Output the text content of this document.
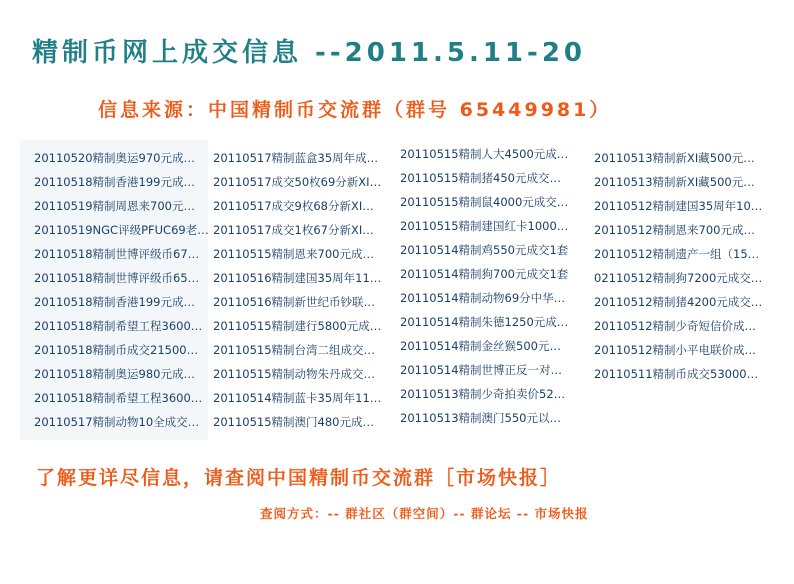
精制币网上成交信息 --2011.5.11-20
信息来源：中国精制币交流群（群号 65449981）
20110520精制奥运970元成…
20110518精制香港199元成…
20110519精制周恩来700元…
20110519NGC评级PFUC69老…
20110518精制世博评级币67…
20110518精制世博评级币65…
20110518精制香港199元成…
20110518精制希望工程3600…
20110518精制币成交21500…
20110518精制奥运980元成…
20110518精制希望工程3600…
20110517精制动物10全成交…
20110517精制蓝盒35周年成…
20110517成交50枚69分新XI…
20110517成交9枚68分新XI…
20110517成交1枚67分新XI…
20110515精制恩来700元成…
20110516精制建国35周年11…
20110516精制新世纪币钞联…
20110515精制建行5800元成…
20110515精制台湾二组成交…
20110515精制动物朱丹成交…
20110514精制蓝卡35周年11…
20110515精制澳门480元成…
20110515精制人大4500元成…
20110515精制猪450元成交…
20110515精制鼠4000元成交…
20110515精制建国红卡1000…
20110514精制鸡550元成交1套
20110514精制狗700元成交1套
20110514精制动物69分中华…
20110514精制朱德1250元成…
20110514精制金丝猴500元…
20110514精制世博正反一对…
20110513精制少奇拍卖价52…
20110513精制澳门550元以…
20110513精制新XI藏500元…
20110513精制新XI藏500元…
20110512精制建国35周年10…
20110512精制恩来700元成…
20110512精制遗产一组（15…
02110512精制狗7200元成交…
20110512精制猪4200元成交…
20110512精制少奇短信价成…
20110512精制小平电联价成…
20110511精制币成交53000…
了解更详尽信息，请查阅中国精制币交流群［市场快报］
查阅方式：-- 群社区（群空间）-- 群论坛 -- 市场快报
